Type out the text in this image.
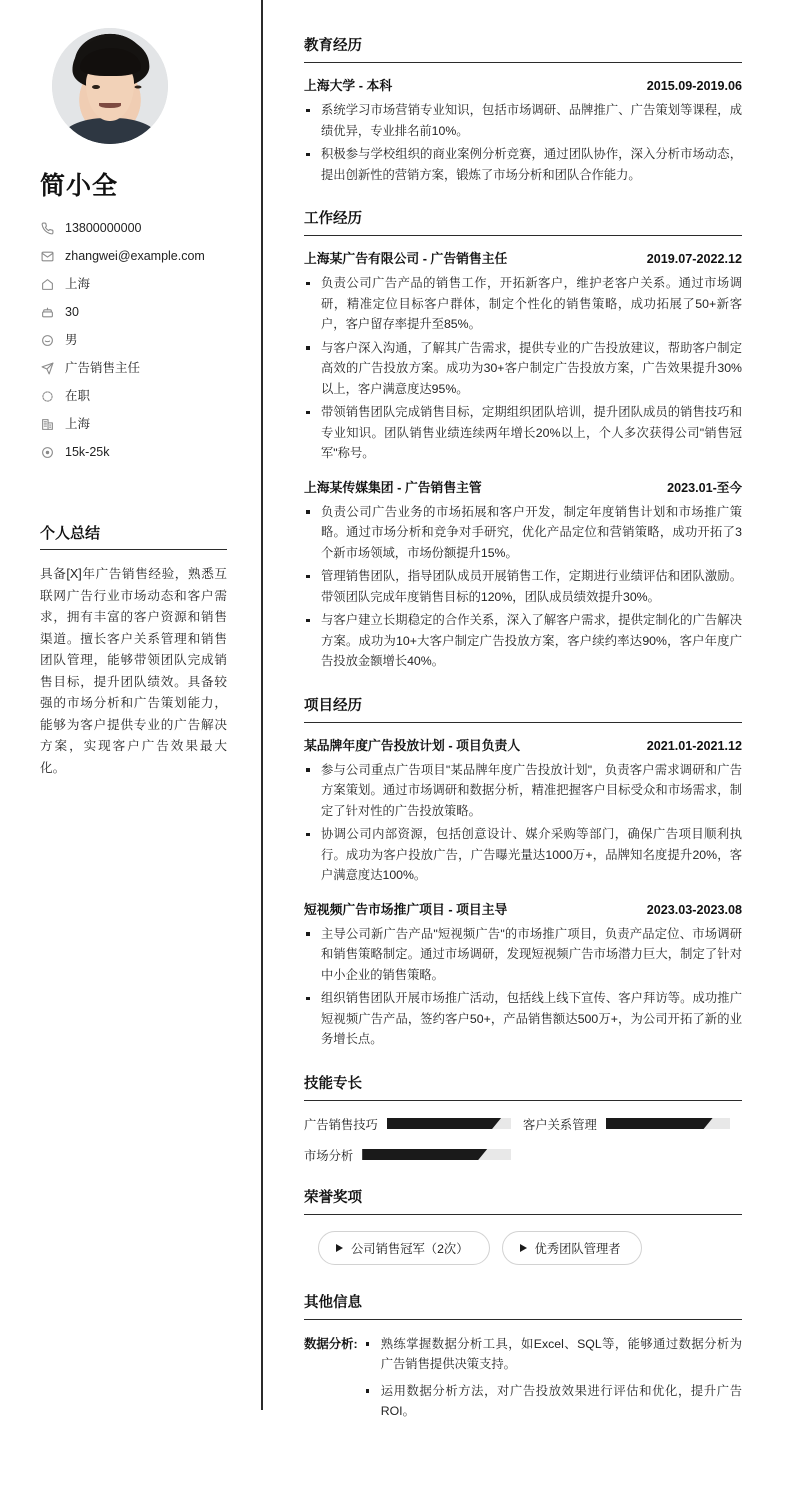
简小全
13800000000
zhangwei@example.com
上海
30
男
广告销售主任
在职
上海
15k-25k
个人总结

具备[X]年广告销售经验，熟悉互联网广告行业市场动态和客户需求，拥有丰富的客户资源和销售渠道。擅长客户关系管理和销售团队管理，能够带领团队完成销售目标，提升团队绩效。具备较强的市场分析和广告策划能力，能够为客户提供专业的广告解决方案，实现客户广告效果最大化。

教育经历
上海大学 - 本科	2015.09-2019.06
系统学习市场营销专业知识，包括市场调研、品牌推广、广告策划等课程，成绩优异，专业排名前10%。
积极参与学校组织的商业案例分析竞赛，通过团队协作，深入分析市场动态，提出创新性的营销方案，锻炼了市场分析和团队合作能力。
工作经历
上海某广告有限公司 - 广告销售主任	2019.07-2022.12
负责公司广告产品的销售工作，开拓新客户，维护老客户关系。通过市场调研，精准定位目标客户群体，制定个性化的销售策略，成功拓展了50+新客户，客户留存率提升至85%。
与客户深入沟通，了解其广告需求，提供专业的广告投放建议，帮助客户制定高效的广告投放方案。成功为30+客户制定广告投放方案，广告效果提升30%以上，客户满意度达95%。
带领销售团队完成销售目标，定期组织团队培训，提升团队成员的销售技巧和专业知识。团队销售业绩连续两年增长20%以上，个人多次获得公司"销售冠军"称号。
上海某传媒集团 - 广告销售主管	2023.01-至今
负责公司广告业务的市场拓展和客户开发，制定年度销售计划和市场推广策略。通过市场分析和竞争对手研究，优化产品定位和营销策略，成功开拓了3个新市场领域，市场份额提升15%。
管理销售团队，指导团队成员开展销售工作，定期进行业绩评估和团队激励。带领团队完成年度销售目标的120%，团队成员绩效提升30%。
与客户建立长期稳定的合作关系，深入了解客户需求，提供定制化的广告解决方案。成功为10+大客户制定广告投放方案，客户续约率达90%，客户年度广告投放金额增长40%。
项目经历
某品牌年度广告投放计划 - 项目负责人	2021.01-2021.12
参与公司重点广告项目"某品牌年度广告投放计划"，负责客户需求调研和广告方案策划。通过市场调研和数据分析，精准把握客户目标受众和市场需求，制定了针对性的广告投放策略。
协调公司内部资源，包括创意设计、媒介采购等部门，确保广告项目顺利执行。成功为客户投放广告，广告曝光量达1000万+，品牌知名度提升20%，客户满意度达100%。
短视频广告市场推广项目 - 项目主导	2023.03-2023.08
主导公司新广告产品"短视频广告"的市场推广项目，负责产品定位、市场调研和销售策略制定。通过市场调研，发现短视频广告市场潜力巨大，制定了针对中小企业的销售策略。
组织销售团队开展市场推广活动，包括线上线下宣传、客户拜访等。成功推广短视频广告产品，签约客户50+，产品销售额达500万+，为公司开拓了新的业务增长点。
技能专长
广告销售技巧	客户关系管理
市场分析
荣誉奖项
公司销售冠军（2次）	优秀团队管理者
其他信息
数据分析:	熟练掌握数据分析工具，如Excel、SQL等，能够通过数据分析为广告销售提供决策支持。
运用数据分析方法，对广告投放效果进行评估和优化，提升广告ROI。
